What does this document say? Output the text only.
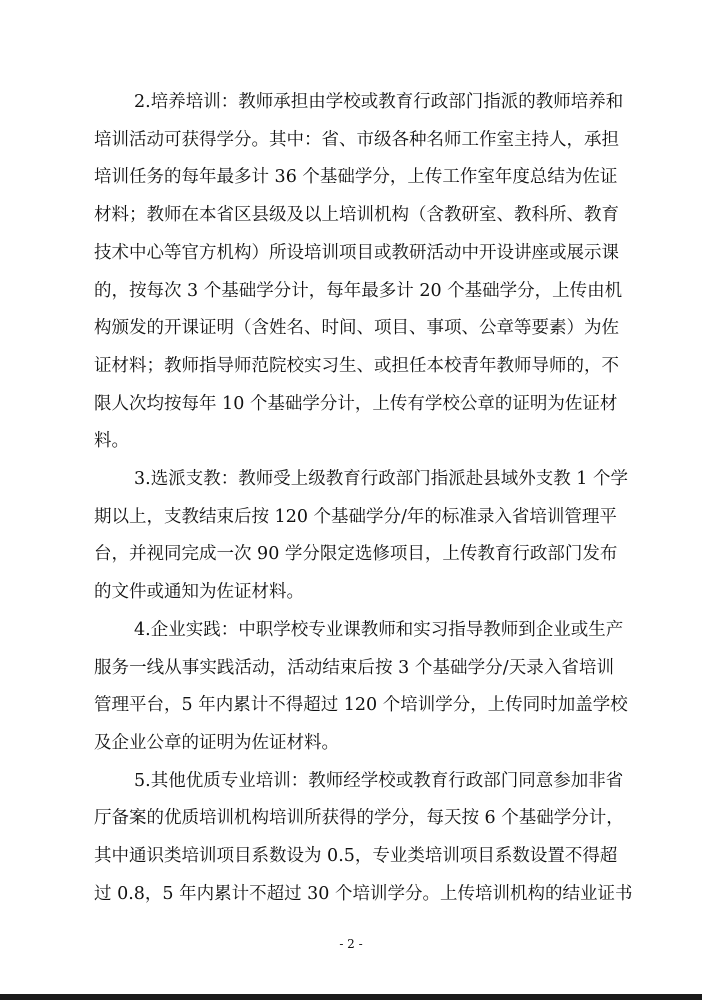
2.培养培训：教师承担由学校或教育行政部门指派的教师培养和
培训活动可获得学分。其中：省、市级各种名师工作室主持人，承担
培训任务的每年最多计 36 个基础学分，上传工作室年度总结为佐证
材料；教师在本省区县级及以上培训机构（含教研室、教科所、教育
技术中心等官方机构）所设培训项目或教研活动中开设讲座或展示课
的，按每次 3 个基础学分计，每年最多计 20 个基础学分，上传由机
构颁发的开课证明（含姓名、时间、项目、事项、公章等要素）为佐
证材料；教师指导师范院校实习生、或担任本校青年教师导师的，不
限人次均按每年 10 个基础学分计，上传有学校公章的证明为佐证材
料。
3.选派支教：教师受上级教育行政部门指派赴县域外支教 1 个学
期以上，支教结束后按 120 个基础学分/年的标准录入省培训管理平
台，并视同完成一次 90 学分限定选修项目，上传教育行政部门发布
的文件或通知为佐证材料。
4.企业实践：中职学校专业课教师和实习指导教师到企业或生产
服务一线从事实践活动，活动结束后按 3 个基础学分/天录入省培训
管理平台，5 年内累计不得超过 120 个培训学分，上传同时加盖学校
及企业公章的证明为佐证材料。
5.其他优质专业培训：教师经学校或教育行政部门同意参加非省
厅备案的优质培训机构培训所获得的学分，每天按 6 个基础学分计，
其中通识类培训项目系数设为 0.5，专业类培训项目系数设置不得超
过 0.8，5 年内累计不超过 30 个培训学分。上传培训机构的结业证书
- 2 -
